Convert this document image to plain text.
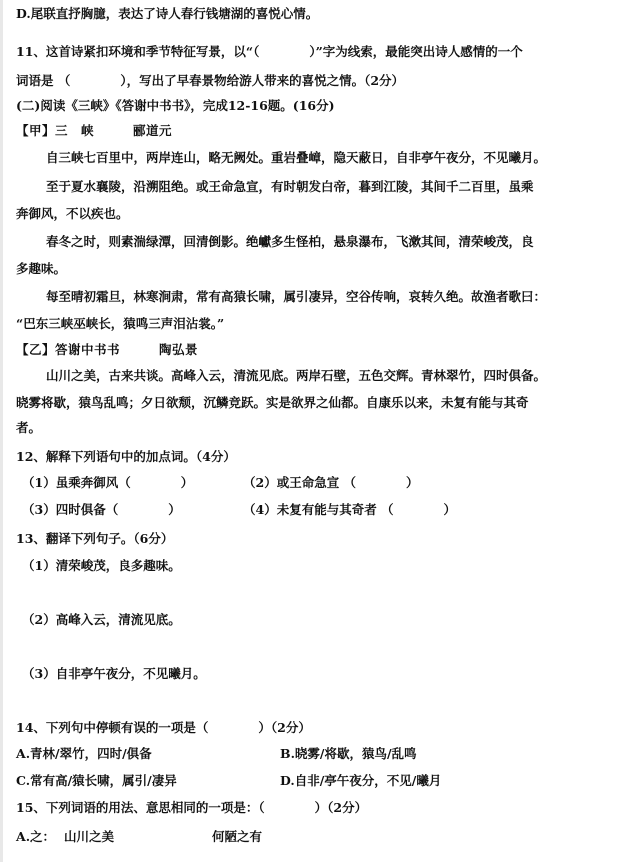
D.尾联直抒胸臆，表达了诗人春行钱塘湖的喜悦心情。
11、这首诗紧扣环境和季节特征写景，以“（　　　　）”字为线索，最能突出诗人感情的一个
词语是 （　　　　），写出了早春景物给游人带来的喜悦之情。（2分）
(二)阅读《三峡》《答谢中书书》，完成12-16题。(16分)
【甲】三　峡　　　郦道元
自三峡七百里中，两岸连山，略无阙处。重岩叠嶂，隐天蔽日，自非亭午夜分，不见曦月。
至于夏水襄陵，沿溯阻绝。或王命急宣，有时朝发白帝，暮到江陵，其间千二百里，虽乘
奔御风，不以疾也。
春冬之时，则素湍绿潭，回清倒影。绝巘多生怪柏，悬泉瀑布，飞漱其间，清荣峻茂，良
多趣味。
每至晴初霜旦，林寒涧肃，常有高猿长啸，属引凄异，空谷传响，哀转久绝。故渔者歌曰：
“巴东三峡巫峡长，猿鸣三声泪沾裳。”
【乙】答谢中书书　　　陶弘景
山川之美，古来共谈。高峰入云，清流见底。两岸石壁，五色交辉。青林翠竹，四时俱备。
晓雾将歇，猿鸟乱鸣；夕日欲颓，沉鳞竞跃。实是欲界之仙都。自康乐以来，未复有能与其奇
者。
12、解释下列语句中的加点词。（4分）
（1）虽乘奔御风（　　　　）	（2）或王命急宣 （　　　　）
（3）四时俱备（　　　　）	（4）未复有能与其奇者 （　　　　）
13、翻译下列句子。（6分）
（1）清荣峻茂，良多趣味。
（2）高峰入云，清流见底。
（3）自非亭午夜分，不见曦月。
14、下列句中停顿有误的一项是（　　　　）（2分）
A.青林/翠竹，四时/俱备	B.晓雾/将歇，猿鸟/乱鸣
C.常有高/猿长啸，属引/凄异	D.自非/亭午夜分，不见/曦月
15、下列词语的用法、意思相同的一项是：（　　　　）（2分）
A.之： 山川之美	何陋之有
